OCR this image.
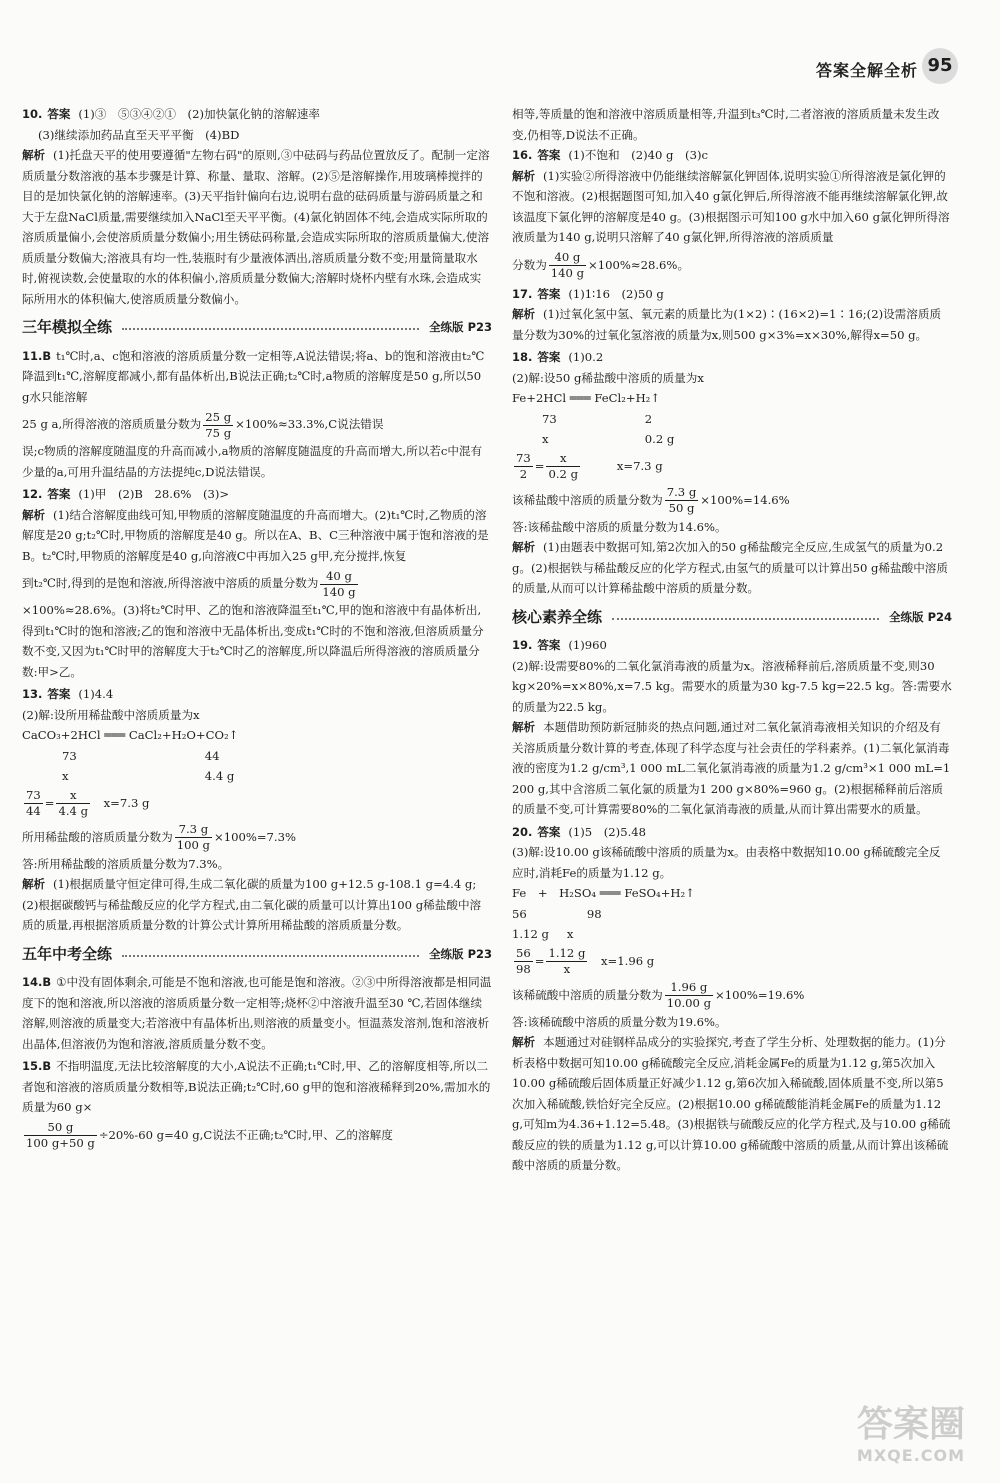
答案全解全析 95

10. 答案 (1)③　⑤③④②①　(2)加快氯化钠的溶解速率

(3)继续添加药品直至天平平衡　(4)BD

解析 (1)托盘天平的使用要遵循"左物右码"的原则,③中砝码与药品位置放反了。配制一定溶质质量分数溶液的基本步骤是计算、称量、量取、溶解。(2)⑤是溶解操作,用玻璃棒搅拌的目的是加快氯化钠的溶解速率。(3)天平指针偏向右边,说明右盘的砝码质量与游码质量之和大于左盘NaCl质量,需要继续加入NaCl至天平平衡。(4)氯化钠固体不纯,会造成实际所取的溶质质量偏小,会使溶质质量分数偏小;用生锈砝码称量,会造成实际所取的溶质质量偏大,使溶质质量分数偏大;溶液具有均一性,装瓶时有少量液体洒出,溶质质量分数不变;用量筒量取水时,俯视读数,会使量取的水的体积偏小,溶质质量分数偏大;溶解时烧杯内壁有水珠,会造成实际所用水的体积偏大,使溶质质量分数偏小。

三年模拟全练	全练版 P23

11.B t₁℃时,a、c饱和溶液的溶质质量分数一定相等,A说法错误;将a、b的饱和溶液由t₂℃降温到t₁℃,溶解度都减小,都有晶体析出,B说法正确;t₂℃时,a物质的溶解度是50 g,所以50 g水只能溶解

25 g a,所得溶液的溶质质量分数为 $\frac{25 g}{75 g} \times 100\%\approx 33.3\%,C$说法错误

误;c物质的溶解度随温度的升高而减小,a物质的溶解度随温度的升高而增大,所以若c中混有少量的a,可用升温结晶的方法提纯c,D说法错误。

12. 答案 (1)甲　(2)B　28.6%　(3)>

解析 (1)结合溶解度曲线可知,甲物质的溶解度随温度的升高而增大。(2)t₁℃时,乙物质的溶解度是20 g;t₂℃时,甲物质的溶解度是40 g。所以在A、B、C三种溶液中属于饱和溶液的是B。t₂℃时,甲物质的溶解度是40 g,向溶液C中再加入25 g甲,充分搅拌,恢复

到t₂℃时,得到的是饱和溶液,所得溶液中溶质的质量分数为 $\frac{40 g}{140 g}$

×100%≈28.6%。(3)将t₂℃时甲、乙的饱和溶液降温至t₁℃,甲的饱和溶液中有晶体析出,得到t₁℃时的饱和溶液;乙的饱和溶液中无晶体析出,变成t₁℃时的不饱和溶液,但溶质质量分数不变,又因为t₁℃时甲的溶解度大于t₂℃时乙的溶解度,所以降温后所得溶液的溶质质量分数:甲>乙。

13. 答案 (1)4.4

(2)解:设所用稀盐酸中溶质质量为x

CaCO₃+2HCl ═══ CaCl₂+H₂O+CO₂↑

73	44
x	4.4 g

$\frac{73}{44} = \frac{x}{4.4 g}$
　 x=7.3 g

所用稀盐酸的溶质质量分数为 $\frac{7.3 g}{100 g} \times 100\%=7.3\%$

答:所用稀盐酸的溶质质量分数为7.3%。

解析 (1)根据质量守恒定律可得,生成二氧化碳的质量为100 g+12.5 g-108.1 g=4.4 g;(2)根据碳酸钙与稀盐酸反应的化学方程式,由二氧化碳的质量可以计算出100 g稀盐酸中溶质的质量,再根据溶质质量分数的计算公式计算所用稀盐酸的溶质质量分数。

五年中考全练	全练版 P23

14.B ①中没有固体剩余,可能是不饱和溶液,也可能是饱和溶液。②③中所得溶液都是相同温度下的饱和溶液,所以溶液的溶质质量分数一定相等;烧杯②中溶液升温至30 ℃,若固体继续溶解,则溶液的质量变大;若溶液中有晶体析出,则溶液的质量变小。恒温蒸发溶剂,饱和溶液析出晶体,但溶液仍为饱和溶液,溶质质量分数不变。

15.B 不指明温度,无法比较溶解度的大小,A说法不正确;t₁℃时,甲、乙的溶解度相等,所以二者饱和溶液的溶质质量分数相等,B说法正确;t₂℃时,60 g甲的饱和溶液稀释到20%,需加水的质量为60 g×

$\frac{50 g}{100 g+50 g} \div 20\%-60$ g=40 g,C说法不正确;t₂℃时,甲、乙的溶解度

相等,等质量的饱和溶液中溶质质量相等,升温到t₃℃时,二者溶液的溶质质量未发生改变,仍相等,D说法不正确。

16. 答案 (1)不饱和　(2)40 g　(3)c

解析 (1)实验②所得溶液中仍能继续溶解氯化钾固体,说明实验①所得溶液是氯化钾的不饱和溶液。(2)根据题图可知,加入40 g氯化钾后,所得溶液不能再继续溶解氯化钾,故该温度下氯化钾的溶解度是40 g。(3)根据图示可知100 g水中加入60 g氯化钾所得溶液质量为140 g,说明只溶解了40 g氯化钾,所得溶液的溶质质量

分数为 $\frac{40 g}{140 g} \times 100\%\approx 28.6\%$。

17. 答案 (1)1∶16　(2)50 g

解析 (1)过氧化氢中氢、氧元素的质量比为(1×2)∶(16×2)=1∶16;(2)设需溶质质量分数为30%的过氧化氢溶液的质量为x,则500 g×3%=x×30%,解得x=50 g。

18. 答案 (1)0.2

(2)解:设50 g稀盐酸中溶质的质量为x

Fe+2HCl ═══ FeCl₂+H₂↑

73	2
x	0.2 g

$\frac{73}{2} = \frac{x}{0.2 g}$
　　　	x=7.3 g

该稀盐酸中溶质的质量分数为 $\frac{7.3 g}{50 g} \times 100\%=14.6\%$

答:该稀盐酸中溶质的质量分数为14.6%。

解析 (1)由题表中数据可知,第2次加入的50 g稀盐酸完全反应,生成氢气的质量为0.2 g。(2)根据铁与稀盐酸反应的化学方程式,由氢气的质量可以计算出50 g稀盐酸中溶质的质量,从而可以计算稀盐酸中溶质的质量分数。

核心素养全练	全练版 P24

19. 答案 (1)960

(2)解:设需要80%的二氧化氯消毒液的质量为x。溶液稀释前后,溶质质量不变,则30 kg×20%=x×80%,x=7.5 kg。需要水的质量为30 kg-7.5 kg=22.5 kg。答:需要水的质量为22.5 kg。

解析 本题借助预防新冠肺炎的热点问题,通过对二氧化氯消毒液相关知识的介绍及有关溶质质量分数计算的考查,体现了科学态度与社会责任的学科素养。(1)二氧化氯消毒液的密度为1.2 g/cm³,1 000 mL二氧化氯消毒液的质量为1.2 g/cm³×1 000 mL=1 200 g,其中含溶质二氧化氯的质量为1 200 g×80%=960 g。(2)根据稀释前后溶质的质量不变,可计算需要80%的二氧化氯消毒液的质量,从而计算出需要水的质量。

20. 答案 (1)5　(2)5.48

(3)解:设10.00 g该稀硫酸中溶质的质量为x。由表格中数据知10.00 g稀硫酸完全反应时,消耗Fe的质量为1.12 g。

Fe　+　H₂SO₄ ═══ FeSO₄+H₂↑

56	98
1.12 g	x

$\frac{56}{98} = \frac{1.12 g}{x}$
　 x=1.96 g

该稀硫酸中溶质的质量分数为 $\frac{1.96 g}{10.00 g} \times 100\%=19.6\%$

答:该稀硫酸中溶质的质量分数为19.6%。

解析 本题通过对硅钢样品成分的实验探究,考查了学生分析、处理数据的能力。(1)分析表格中数据可知10.00 g稀硫酸完全反应,消耗金属Fe的质量为1.12 g,第5次加入10.00 g稀硫酸后固体质量正好减少1.12 g,第6次加入稀硫酸,固体质量不变,所以第5次加入稀硫酸,铁恰好完全反应。(2)根据10.00 g稀硫酸能消耗金属Fe的质量为1.12 g,可知m为4.36+1.12=5.48。(3)根据铁与硫酸反应的化学方程式,及与10.00 g稀硫酸反应的铁的质量为1.12 g,可以计算10.00 g稀硫酸中溶质的质量,从而计算出该稀硫酸中溶质的质量分数。

答案圈
MXQE.COM
